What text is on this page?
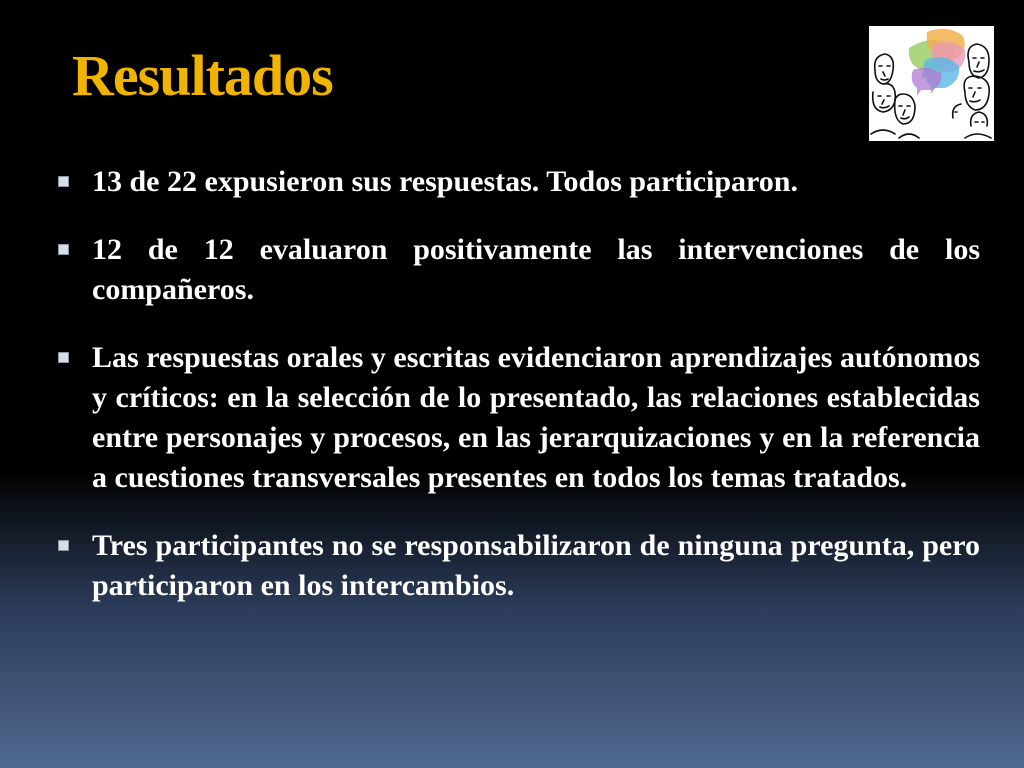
Resultados
13 de 22 expusieron sus respuestas. Todos participaron.
12 de 12 evaluaron positivamente las intervenciones de los compañeros.
Las respuestas orales y escritas evidenciaron aprendizajes autónomos y críticos: en la selección de lo presentado, las relaciones establecidas entre personajes y procesos, en las jerarquizaciones y en la referencia a cuestiones transversales presentes en todos los temas tratados.
Tres participantes no se responsabilizaron de ninguna pregunta, pero participaron en los intercambios.
